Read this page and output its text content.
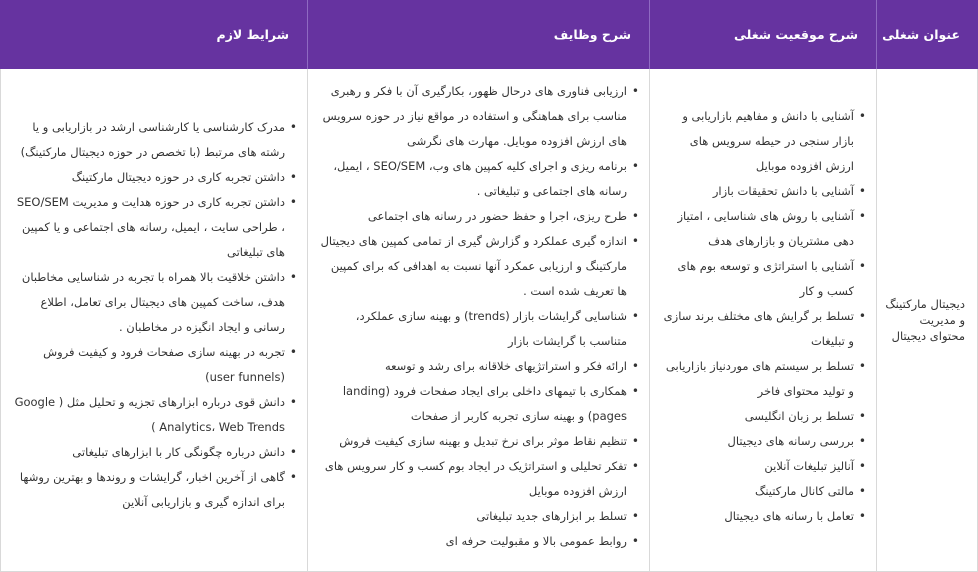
عنوان شغلی
شرح موقعیت شغلی
شرح وظایف
شرایط لازم
دیجیتال مارکتینگ و مدیریت محتوای دیجیتال
• آشنایی با دانش و مفاهیم بازاریابی و بازار سنجی در حیطه سرویس های ارزش افزوده موبایل
• آشنایی با دانش تحقیقات بازار
• آشنایی با روش های شناسایی ، امتیاز دهی مشتریان و بازارهای هدف
• آشنایی با استراتژی و توسعه بوم های کسب و کار
• تسلط بر گرایش های مختلف برند سازی و تبلیغات
• تسلط بر سیستم های موردنیاز بازاریابی و تولید محتوای فاخر
• تسلط بر زبان انگلیسی
• بررسی رسانه های دیجیتال
• آنالیز تبلیغات آنلاین
• مالتی کانال مارکتینگ
• تعامل با رسانه های دیجیتال
• ارزیابی فناوری های درحال ظهور، بکارگیری آن با فکر و رهبری مناسب برای هماهنگی و استفاده در مواقع نیاز در حوزه سرویس های ارزش افزوده موبایل. مهارت های نگرشی
• برنامه ریزی و اجرای کلیه کمپین های وب، SEO/SEM ، ایمیل، رسانه های اجتماعی و تبلیغاتی .
• طرح ریزی، اجرا و حفظ حضور در رسانه های اجتماعی
• اندازه گیری عملکرد و گزارش گیری از تمامی کمپین های دیجیتال مارکتینگ و ارزیابی عمکرد آنها نسبت به اهدافی که برای کمپین ها تعریف شده است .
• شناسایی گرایشات بازار (trends) و بهینه سازی عملکرد، متناسب با گرایشات بازار
• ارائه فکر و استراتژیهای خلاقانه برای رشد و توسعه
• همکاری با تیمهای داخلی برای ایجاد صفحات فرود (landing pages) و بهینه سازی تجربه کاربر از صفحات
• تنظیم نقاط موثر برای نرخ تبدیل و بهینه سازی کیفیت فروش
• تفکر تحلیلی و استراتژیک در ایجاد بوم کسب و کار سرویس های ارزش افزوده موبایل
• تسلط بر ابزارهای جدید تبلیغاتی
• روابط عمومی بالا و مقبولیت حرفه ای
• مدرک کارشناسی یا کارشناسی ارشد در بازاریابی و یا رشته های مرتبط (با تخصص در حوزه دیجیتال مارکتینگ)
• داشتن تجربه کاری در حوزه دیجیتال مارکتینگ
• داشتن تجربه کاری در حوزه هدایت و مدیریت SEO/SEM ، طراحی سایت ، ایمیل، رسانه های اجتماعی و یا کمپین های تبلیغاتی
• داشتن خلاقیت بالا همراه با تجربه در شناسایی مخاطبان هدف، ساخت کمپین های دیجیتال برای تعامل، اطلاع رسانی و ایجاد انگیزه در مخاطبان .
• تجربه در بهینه سازی صفحات فرود و کیفیت فروش (user funnels)
• دانش قوی درباره ابزارهای تجزیه و تحلیل مثل ( Google Analytics، Web Trends )
• دانش درباره چگونگی کار با ابزارهای تبلیغاتی
• گاهی از آخرین اخبار، گرایشات و روندها و بهترین روشها برای اندازه گیری و بازاریابی آنلاین
